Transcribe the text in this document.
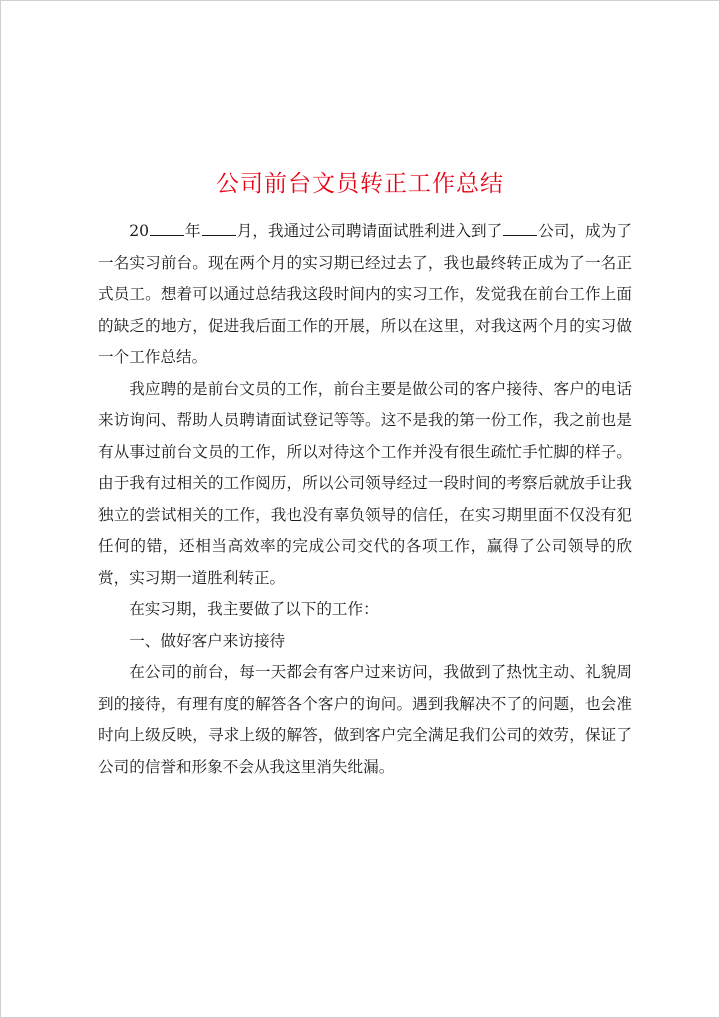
公司前台文员转正工作总结

20 年 月，我通过公司聘请面试胜利进入到了 公司，成为了一名实习前台。现在两个月的实习期已经过去了，我也最终转正成为了一名正式员工。想着可以通过总结我这段时间内的实习工作，发觉我在前台工作上面的缺乏的地方，促进我后面工作的开展，所以在这里，对我这两个月的实习做一个工作总结。

我应聘的是前台文员的工作，前台主要是做公司的客户接待、客户的电话来访询问、帮助人员聘请面试登记等等。这不是我的第一份工作，我之前也是有从事过前台文员的工作，所以对待这个工作并没有很生疏忙手忙脚的样子。由于我有过相关的工作阅历，所以公司领导经过一段时间的考察后就放手让我独立的尝试相关的工作，我也没有辜负领导的信任，在实习期里面不仅没有犯任何的错，还相当高效率的完成公司交代的各项工作，赢得了公司领导的欣赏，实习期一道胜利转正。

在实习期，我主要做了以下的工作：

一、做好客户来访接待

在公司的前台，每一天都会有客户过来访问，我做到了热忱主动、礼貌周到的接待，有理有度的解答各个客户的询问。遇到我解决不了的问题，也会准时向上级反映，寻求上级的解答，做到客户完全满足我们公司的效劳，保证了公司的信誉和形象不会从我这里消失纰漏。
